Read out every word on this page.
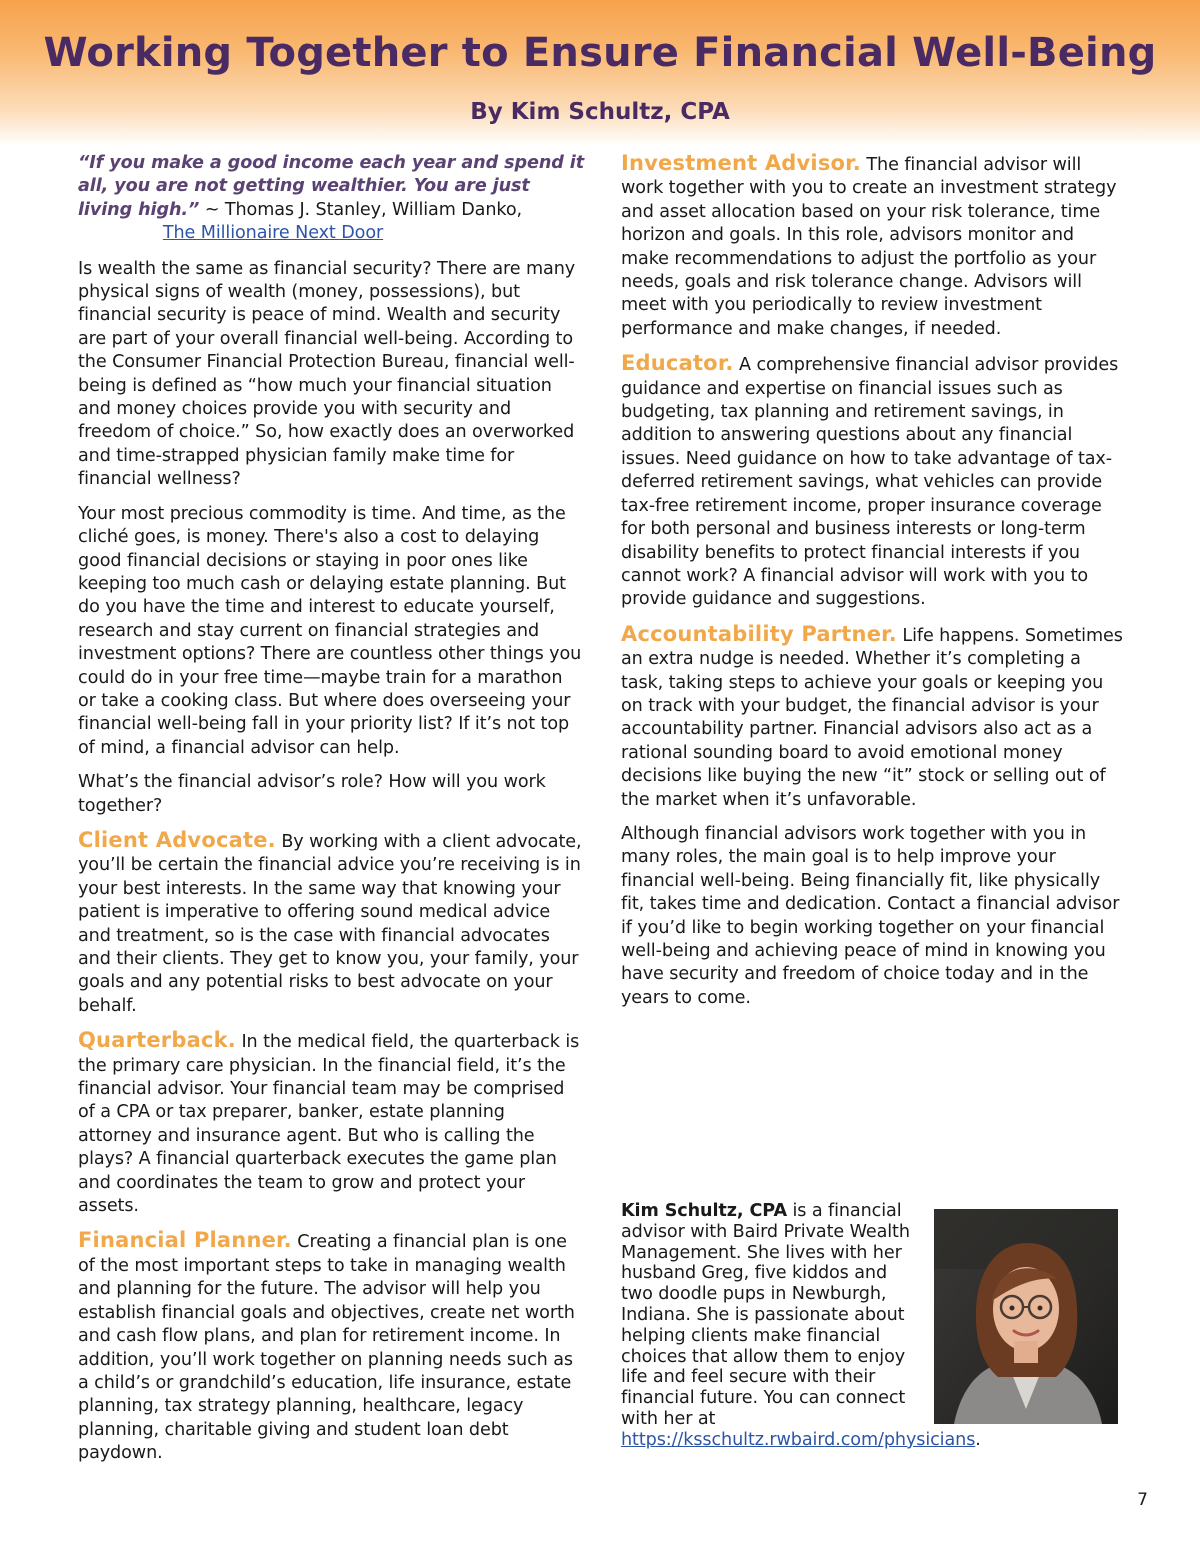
Working Together to Ensure Financial Well-Being
By Kim Schultz, CPA

“If you make a good income each year and spend it all, you are not getting wealthier. You are just living high.” ~ Thomas J. Stanley, William Danko,

The Millionaire Next Door

Is wealth the same as financial security? There are many physical signs of wealth (money, possessions), but financial security is peace of mind. Wealth and security are part of your overall financial well-being. According to the Consumer Financial Protection Bureau, financial well-being is defined as “how much your financial situation and money choices provide you with security and freedom of choice.” So, how exactly does an overworked and time-strapped physician family make time for financial wellness?

Your most precious commodity is time. And time, as the cliché goes, is money. There's also a cost to delaying good financial decisions or staying in poor ones like keeping too much cash or delaying estate planning. But do you have the time and interest to educate yourself, research and stay current on financial strategies and investment options? There are countless other things you could do in your free time—maybe train for a marathon or take a cooking class. But where does overseeing your financial well-being fall in your priority list? If it’s not top of mind, a financial advisor can help.

What’s the financial advisor’s role? How will you work together?

Client Advocate. By working with a client advocate, you’ll be certain the financial advice you’re receiving is in your best interests. In the same way that knowing your patient is imperative to offering sound medical advice and treatment, so is the case with financial advocates and their clients. They get to know you, your family, your goals and any potential risks to best advocate on your behalf.

Quarterback. In the medical field, the quarterback is the primary care physician. In the financial field, it’s the financial advisor. Your financial team may be comprised of a CPA or tax preparer, banker, estate planning attorney and insurance agent. But who is calling the plays? A financial quarterback executes the game plan and coordinates the team to grow and protect your assets.

Financial Planner. Creating a financial plan is one of the most important steps to take in managing wealth and planning for the future. The advisor will help you establish financial goals and objectives, create net worth and cash flow plans, and plan for retirement income. In addition, you’ll work together on planning needs such as a child’s or grandchild’s education, life insurance, estate planning, tax strategy planning, healthcare, legacy planning, charitable giving and student loan debt paydown.

Investment Advisor. The financial advisor will work together with you to create an investment strategy and asset allocation based on your risk tolerance, time horizon and goals. In this role, advisors monitor and make recommendations to adjust the portfolio as your needs, goals and risk tolerance change. Advisors will meet with you periodically to review investment performance and make changes, if needed.

Educator. A comprehensive financial advisor provides guidance and expertise on financial issues such as budgeting, tax planning and retirement savings, in addition to answering questions about any financial issues. Need guidance on how to take advantage of tax-deferred retirement savings, what vehicles can provide tax-free retirement income, proper insurance coverage for both personal and business interests or long-term disability benefits to protect financial interests if you cannot work? A financial advisor will work with you to provide guidance and suggestions.

Accountability Partner. Life happens. Sometimes an extra nudge is needed. Whether it’s completing a task, taking steps to achieve your goals or keeping you on track with your budget, the financial advisor is your accountability partner. Financial advisors also act as a rational sounding board to avoid emotional money decisions like buying the new “it” stock or selling out of the market when it’s unfavorable.

Although financial advisors work together with you in many roles, the main goal is to help improve your financial well-being. Being financially fit, like physically fit, takes time and dedication. Contact a financial advisor if you’d like to begin working together on your financial well-being and achieving peace of mind in knowing you have security and freedom of choice today and in the years to come.

Kim Schultz, CPA is a financial advisor with Baird Private Wealth Management. She lives with her husband Greg, five kiddos and two doodle pups in Newburgh, Indiana. She is passionate about helping clients make financial choices that allow them to enjoy life and feel secure with their financial future. You can connect with her at https://ksschultz.rwbaird.com/physicians.
7
